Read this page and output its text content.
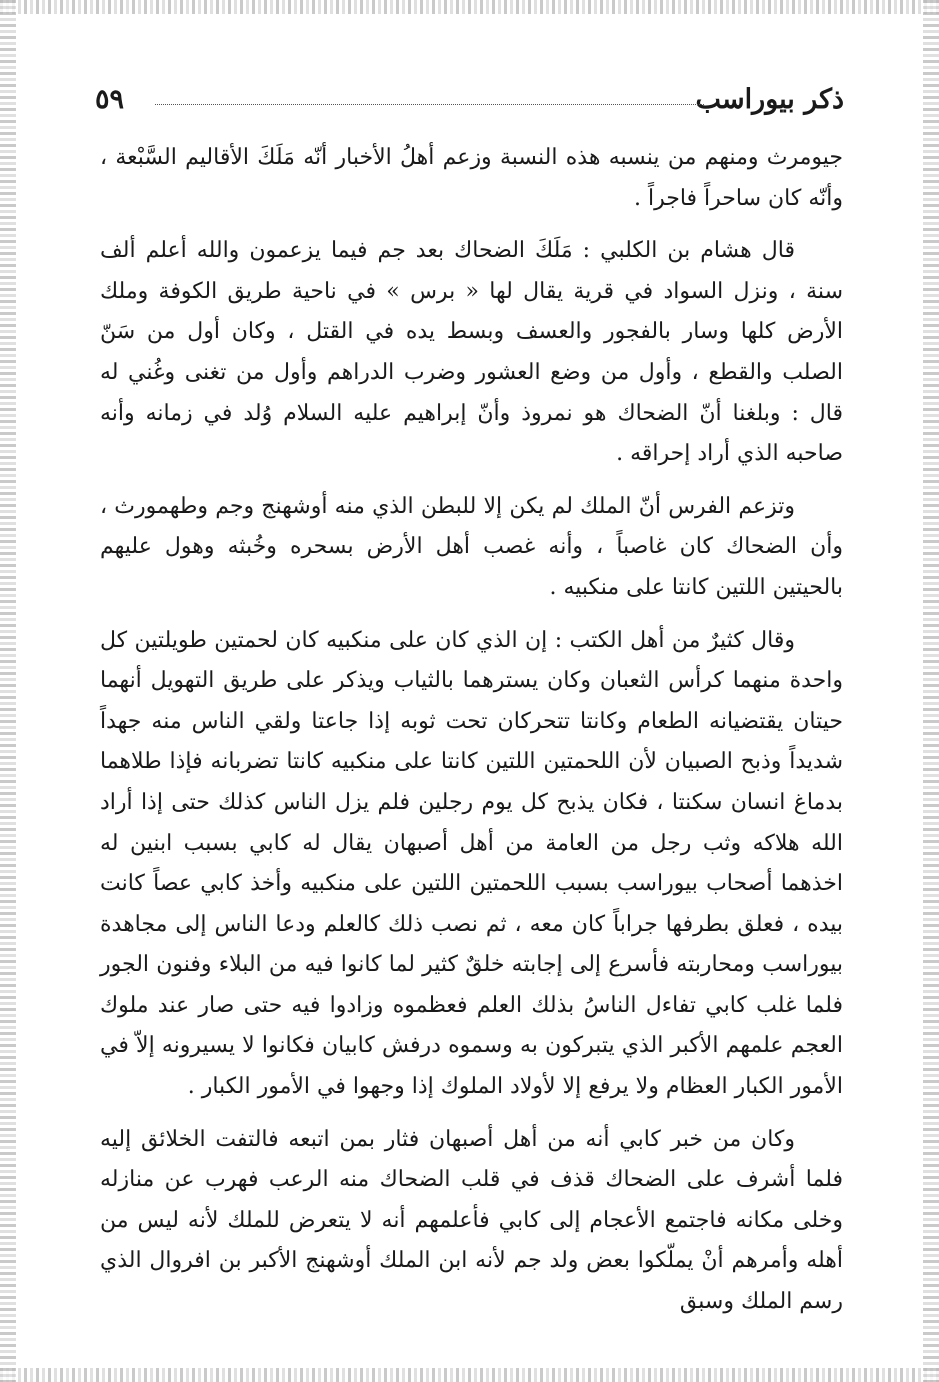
ذكر بيوراسب
٥٩

جيومرث ومنهم من ينسبه هذه النسبة وزعم أهلُ الأخبار أنّه مَلَكَ الأقاليم السَّبْعة ، وأنّه كان ساحراً فاجراً .

قال هشام بن الكلبي : مَلَكَ الضحاك بعد جم فيما يزعمون والله أعلم ألف سنة ، ونزل السواد في قرية يقال لها « برس » في ناحية طريق الكوفة وملك الأرض كلها وسار بالفجور والعسف وبسط يده في القتل ، وكان أول من سَنّ الصلب والقطع ، وأول من وضع العشور وضرب الدراهم وأول من تغنى وغُني له قال : وبلغنا أنّ الضحاك هو نمروذ وأنّ إبراهيم عليه السلام وُلد في زمانه وأنه صاحبه الذي أراد إحراقه .

وتزعم الفرس أنّ الملك لم يكن إلا للبطن الذي منه أوشهنج وجم وطهمورث ، وأن الضحاك كان غاصباً ، وأنه غصب أهل الأرض بسحره وخُبثه وهول عليهم بالحيتين اللتين كانتا على منكبيه .

وقال كثيرٌ من أهل الكتب : إن الذي كان على منكبيه كان لحمتين طويلتين كل واحدة منهما كرأس الثعبان وكان يسترهما بالثياب ويذكر على طريق التهويل أنهما حيتان يقتضيانه الطعام وكانتا تتحركان تحت ثوبه إذا جاعتا ولقي الناس منه جهداً شديداً وذبح الصبيان لأن اللحمتين اللتين كانتا على منكبيه كانتا تضربانه فإذا طلاهما بدماغ انسان سكنتا ، فكان يذبح كل يوم رجلين فلم يزل الناس كذلك حتى إذا أراد الله هلاكه وثب رجل من العامة من أهل أصبهان يقال له كابي بسبب ابنين له اخذهما أصحاب بيوراسب بسبب اللحمتين اللتين على منكبيه وأخذ كابي عصاً كانت بيده ، فعلق بطرفها جراباً كان معه ، ثم نصب ذلك كالعلم ودعا الناس إلى مجاهدة بيوراسب ومحاربته فأسرع إلى إجابته خلقٌ كثير لما كانوا فيه من البلاء وفنون الجور فلما غلب كابي تفاءل الناسُ بذلك العلم فعظموه وزادوا فيه حتى صار عند ملوك العجم علمهم الأكبر الذي يتبركون به وسموه درفش كابيان فكانوا لا يسيرونه إلاّ في الأمور الكبار العظام ولا يرفع إلا لأولاد الملوك إذا وجهوا في الأمور الكبار .

وكان من خبر كابي أنه من أهل أصبهان فثار بمن اتبعه فالتفت الخلائق إليه فلما أشرف على الضحاك قذف في قلب الضحاك منه الرعب فهرب عن منازله وخلى مكانه فاجتمع الأعجام إلى كابي فأعلمهم أنه لا يتعرض للملك لأنه ليس من أهله وأمرهم أنْ يملّكوا بعض ولد جم لأنه ابن الملك أوشهنج الأكبر بن افروال الذي رسم الملك وسبق
